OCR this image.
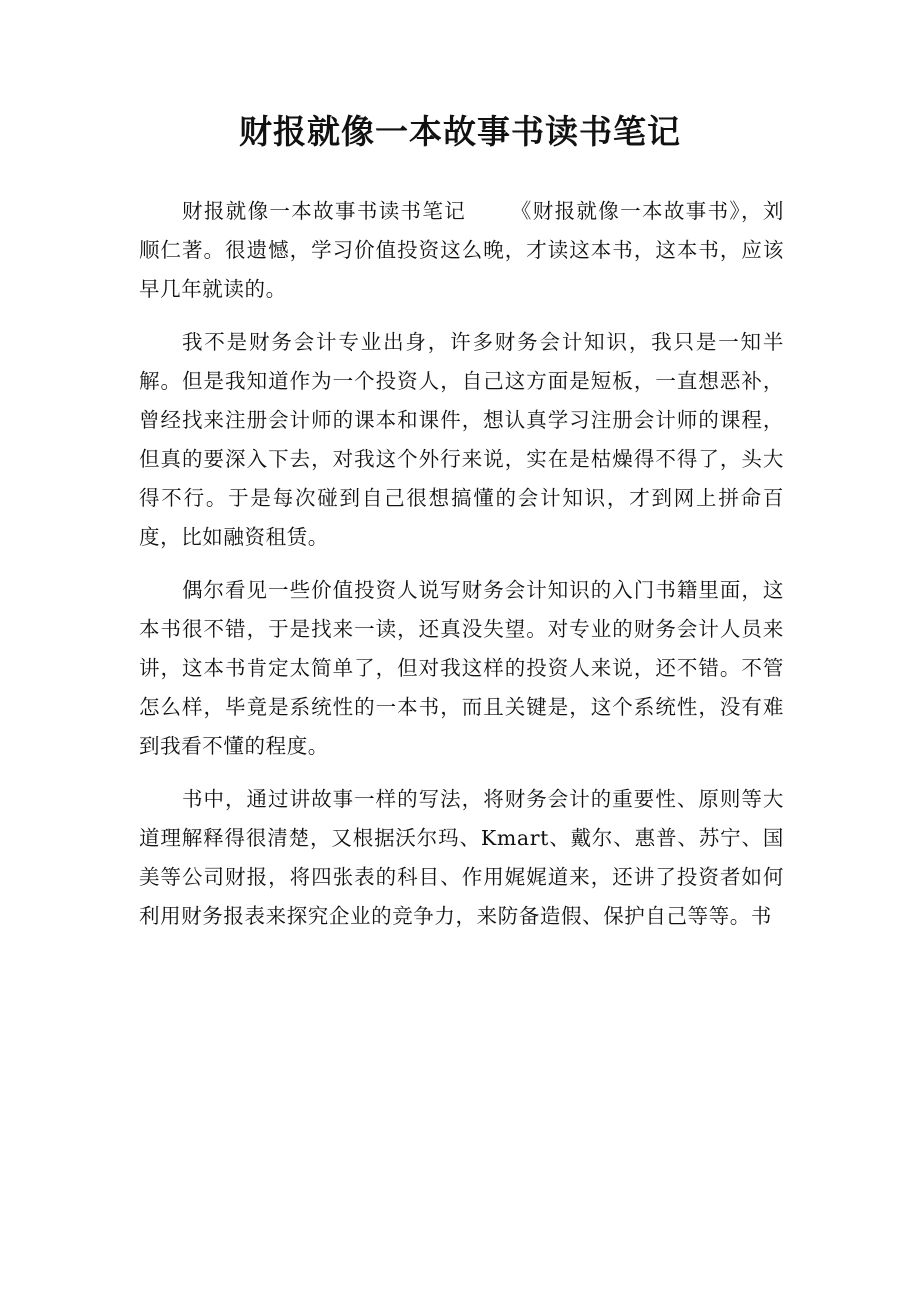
财报就像一本故事书读书笔记

财报就像一本故事书读书笔记 《财报就像一本故事书》，刘顺仁著。很遗憾，学习价值投资这么晚，才读这本书，这本书，应该早几年就读的。

我不是财务会计专业出身，许多财务会计知识，我只是一知半解。但是我知道作为一个投资人，自己这方面是短板，一直想恶补，曾经找来注册会计师的课本和课件，想认真学习注册会计师的课程，但真的要深入下去，对我这个外行来说，实在是枯燥得不得了，头大得不行。于是每次碰到自己很想搞懂的会计知识，才到网上拼命百度，比如融资租赁。

偶尔看见一些价值投资人说写财务会计知识的入门书籍里面，这本书很不错，于是找来一读，还真没失望。对专业的财务会计人员来讲，这本书肯定太简单了，但对我这样的投资人来说，还不错。不管怎么样，毕竟是系统性的一本书，而且关键是，这个系统性，没有难到我看不懂的程度。

书中，通过讲故事一样的写法，将财务会计的重要性、原则等大道理解释得很清楚，又根据沃尔玛、Kmart、戴尔、惠普、苏宁、国美等公司财报，将四张表的科目、作用娓娓道来，还讲了投资者如何利用财务报表来探究企业的竞争力，来防备造假、保护自己等等。书
